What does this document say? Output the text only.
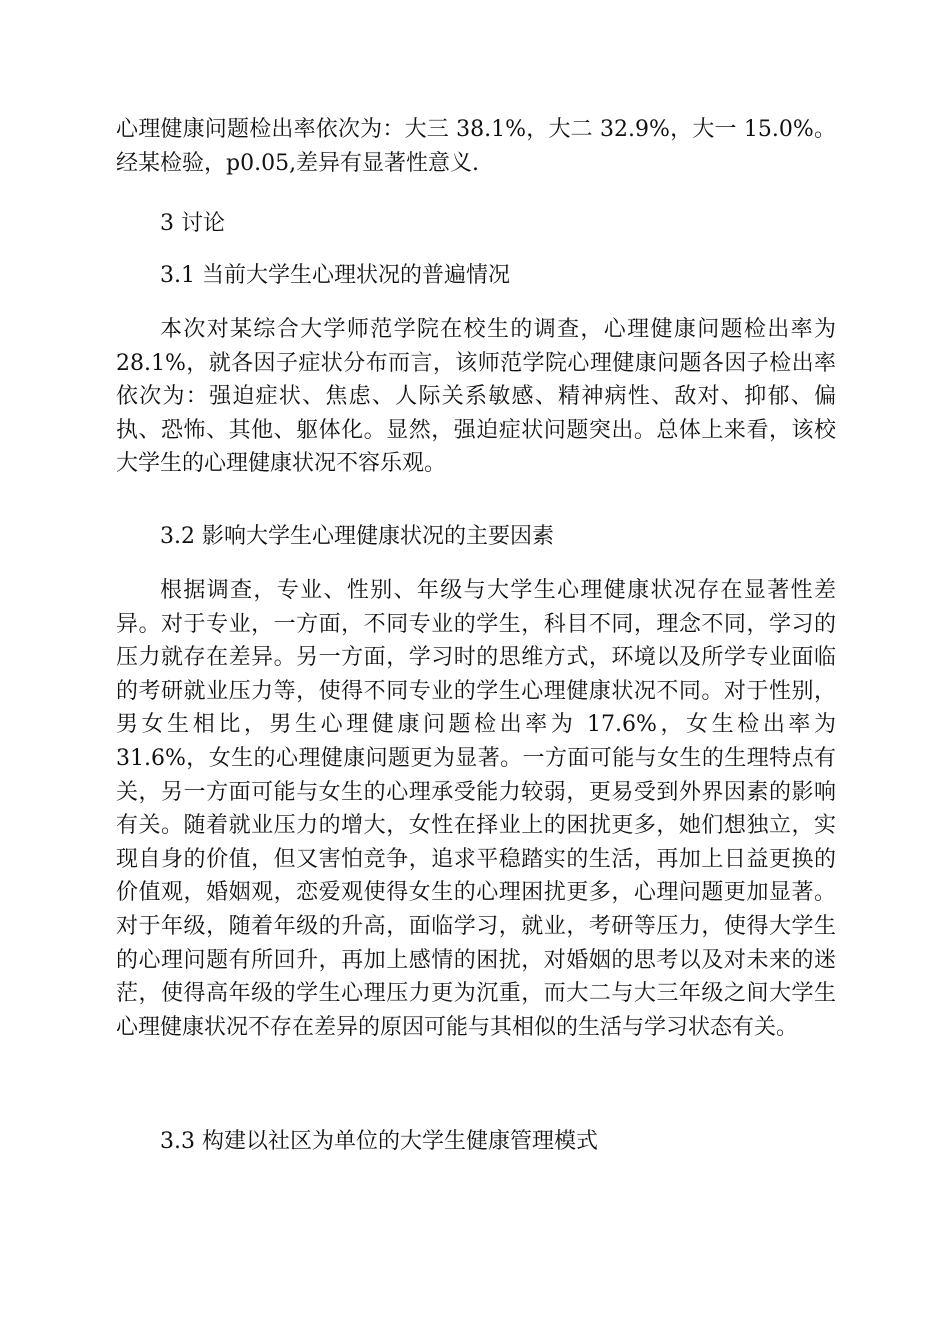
心理健康问题检出率依次为：大三 38.1%，大二 32.9%，大一 15.0%。经某检验，p0.05,差异有显著性意义.

3 讨论

3.1 当前大学生心理状况的普遍情况

本次对某综合大学师范学院在校生的调查，心理健康问题检出率为 28.1%，就各因子症状分布而言，该师范学院心理健康问题各因子检出率依次为：强迫症状、焦虑、人际关系敏感、精神病性、敌对、抑郁、偏执、恐怖、其他、躯体化。显然，强迫症状问题突出。总体上来看，该校大学生的心理健康状况不容乐观。

3.2 影响大学生心理健康状况的主要因素

根据调查，专业、性别、年级与大学生心理健康状况存在显著性差异。对于专业，一方面，不同专业的学生，科目不同，理念不同，学习的压力就存在差异。另一方面，学习时的思维方式，环境以及所学专业面临的考研就业压力等，使得不同专业的学生心理健康状况不同。对于性别，男女生相比，男生心理健康问题检出率为 17.6%，女生检出率为 31.6%，女生的心理健康问题更为显著。一方面可能与女生的生理特点有关，另一方面可能与女生的心理承受能力较弱，更易受到外界因素的影响有关。随着就业压力的增大，女性在择业上的困扰更多，她们想独立，实现自身的价值，但又害怕竞争，追求平稳踏实的生活，再加上日益更换的价值观，婚姻观，恋爱观使得女生的心理困扰更多，心理问题更加显著。对于年级，随着年级的升高，面临学习，就业，考研等压力，使得大学生的心理问题有所回升，再加上感情的困扰，对婚姻的思考以及对未来的迷茫，使得高年级的学生心理压力更为沉重，而大二与大三年级之间大学生心理健康状况不存在差异的原因可能与其相似的生活与学习状态有关。

3.3 构建以社区为单位的大学生健康管理模式
